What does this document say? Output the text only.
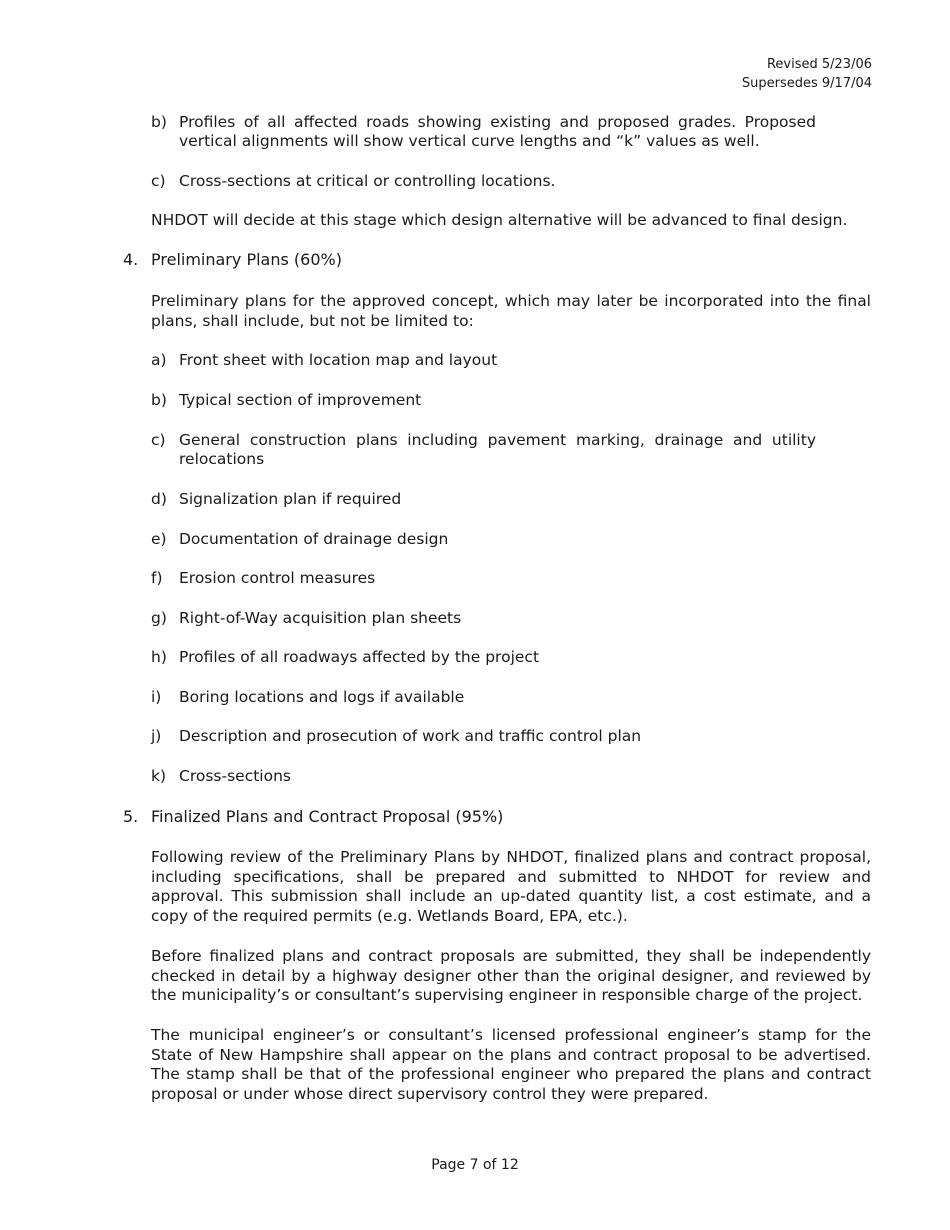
Revised 5/23/06
Supersedes 9/17/04
b) Profiles of all affected roads showing existing and proposed grades. Proposed vertical alignments will show vertical curve lengths and “k” values as well.
c) Cross-sections at critical or controlling locations.
NHDOT will decide at this stage which design alternative will be advanced to final design.
4. Preliminary Plans (60%)
Preliminary plans for the approved concept, which may later be incorporated into the final plans, shall include, but not be limited to:
a) Front sheet with location map and layout
b) Typical section of improvement
c) General construction plans including pavement marking, drainage and utility relocations
d) Signalization plan if required
e) Documentation of drainage design
f)	Erosion control measures
g) Right-of-Way acquisition plan sheets
h) Profiles of all roadways affected by the project
i)	Boring locations and logs if available
j)	Description and prosecution of work and traffic control plan
k) Cross-sections
5. Finalized Plans and Contract Proposal (95%)
Following review of the Preliminary Plans by NHDOT, finalized plans and contract proposal, including specifications, shall be prepared and submitted to NHDOT for review and approval. This submission shall include an up-dated quantity list, a cost estimate, and a copy of the required permits (e.g. Wetlands Board, EPA, etc.).
Before finalized plans and contract proposals are submitted, they shall be independently checked in detail by a highway designer other than the original designer, and reviewed by the municipality’s or consultant’s supervising engineer in responsible charge of the project.
The municipal engineer’s or consultant’s licensed professional engineer’s stamp for the State of New Hampshire shall appear on the plans and contract proposal to be advertised. The stamp shall be that of the professional engineer who prepared the plans and contract proposal or under whose direct supervisory control they were prepared.
Page 7 of 12
